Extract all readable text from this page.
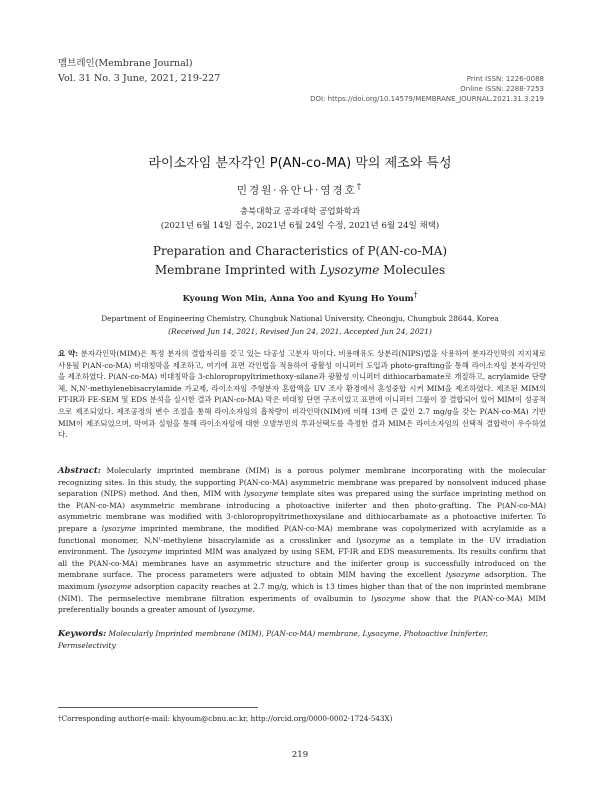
멤브레인(Membrane Journal)
Vol. 31 No. 3 June, 2021, 219-227	Print ISSN: 1226-0088
Online ISSN: 2288-7253
DOI: https://doi.org/10.14579/MEMBRANE_JOURNAL.2021.31.3.219
라이소자임 분자각인 P(AN-co-MA) 막의 제조와 특성
민경원·유안나·염경호†
충북대학교 공과대학 공업화학과
(2021년 6월 14일 접수, 2021년 6월 24일 수정, 2021년 6월 24일 채택)
Preparation and Characteristics of P(AN-co-MA)
Membrane Imprinted with Lysozyme Molecules
Kyoung Won Min, Anna Yoo and Kyung Ho Youm†
Department of Engineering Chemistry, Chungbuk National University, Cheongju, Chungbuk 28644, Korea
(Received Jun 14, 2021, Revised Jun 24, 2021, Accepted Jun 24, 2021)
요 약: 분자각인막(MIM)은 특정 분자의 결합자리를 갖고 있는 다공성 고분자 막이다. 비용매유도 상분리(NIPS)법을 사용하여 분자각인막의 지지체로 사용될 P(AN-co-MA) 비대칭막을 제조하고, 여기에 표면 각인법을 적용하여 광활성 이니퍼터 도입과 photo-grafting을 통해 라이소자임 분자각인막을 제조하였다. P(AN-co-MA) 비대칭막을 3-chloropropyltrimethoxy-silane과 광활성 이니퍼터 dithiocarbamate로 개질하고, acrylamide 단량체, N,N'-methylenebisacrylamide 가교제, 라이소자임 주형분자 혼합액을 UV 조사 환경에서 혼성중합 시켜 MIM을 제조하였다. 제조된 MIM의 FT-IR과 FE-SEM 및 EDS 분석을 실시한 결과 P(AN-co-MA) 막은 비대칭 단면 구조이었고 표면에 이니퍼터 그룹이 잘 결합되어 있어 MIM이 성공적으로 제조되었다. 제조공정의 변수 조절을 통해 라이소자임의 흡착량이 비각인막(NIM)에 비해 13배 큰 값인 2.7 mg/g을 갖는 P(AN-co-MA) 기반 MIM이 제조되었으며, 막여과 실험을 통해 라이소자임에 대한 오발부민의 투과선택도를 측정한 결과 MIM은 라이소자임의 선택적 결합력이 우수하였다.
Abstract: Molecularly imprinted membrane (MIM) is a porous polymer membrane incorporating with the molecular recognizing sites. In this study, the supporting P(AN-co-MA) asymmetric membrane was prepared by nonsolvent induced phase separation (NIPS) method. And then, MIM with lysozyme template sites was prepared using the surface imprinting method on the P(AN-co-MA) asymmetric membrane introducing a photoactive iniferter and then photo-grafting. The P(AN-co-MA) asymmetric membrane was modified with 3-chloropropyltrimethoxysilane and dithiocarbamate as a photoactive iniferter. To prepare a lysozyme imprinted membrane, the modified P(AN-co-MA) membrane was copolymerized with acrylamide as a functional monomer, N,N'-methylene bisacrylamide as a crosslinker and lysozyme as a template in the UV irradiation environment. The lysozyme imprinted MIM was analyzed by using SEM, FT-IR and EDS measurements. Its results confirm that all the P(AN-co-MA) membranes have an asymmetric structure and the iniferter group is successfully introduced on the membrane surface. The process parameters were adjusted to obtain MIM having the excellent lysozyme adsorption. The maximum lysozyme adsorption capacity reaches at 2.7 mg/g, which is 13 times higher than that of the non imprinted membrane (NIM). The permselective membrane filtration experiments of ovalbumin to lysozyme show that the P(AN-co-MA) MIM preferentially bounds a greater amount of lysozyme.
Keywords: Molecularly Imprinted membrane (MIM), P(AN-co-MA) membrane, Lysozyme, Photoactive Ininferter, Permselectivity
†Corresponding author(e-mail: khyoum@cbnu.ac.kr, http://orcid.org/0000-0002-1724-543X)
219
